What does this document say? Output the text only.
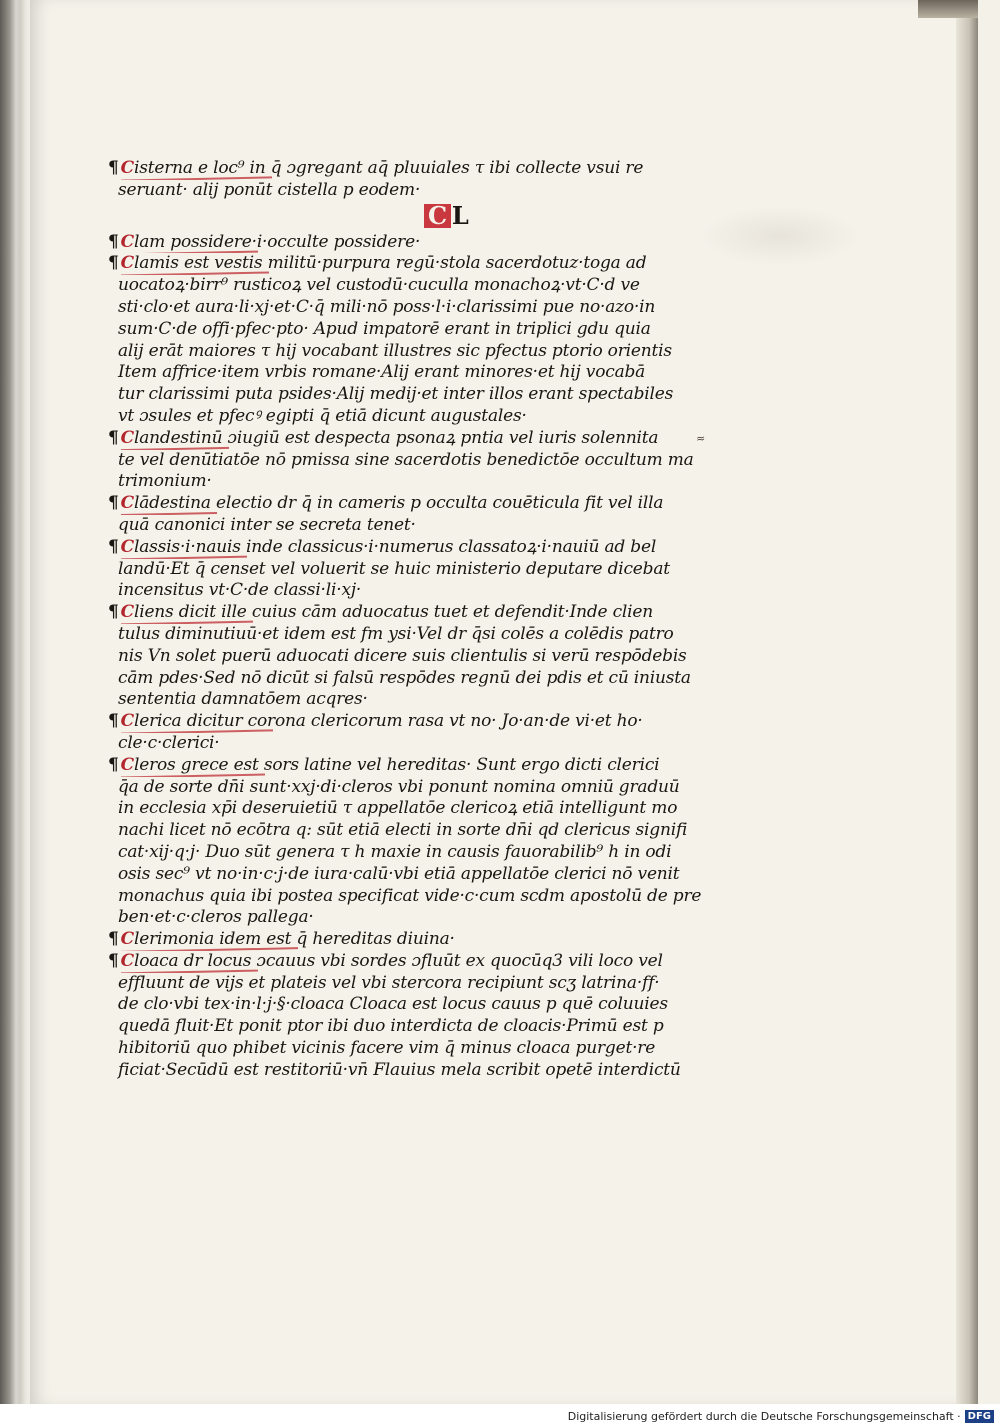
¶ Cisterna e loc⁹ in q̄ ɔgregant aq̄ pluuiales τ ibi collecte vsui re
seruant· alij ponūt cistella p eodem·
C L
¶ Clam possidere·i·occulte possidere·
¶ Clamis est vestis militū·purpura regū·stola sacerdotuz·toga ad
uocatoꝝ·birr⁹ rusticoꝝ vel custodū·cuculla monachoꝝ·vt·C·d̄ ve
sti·clo·et aura·li·xj·et·C·q̄ mili·nō poss·l·i·clarissimi pue no·azo·in
sum·C·de offi·pfec·pto· Apud impatorē erant in triplici gdu quia
alij erāt maiores τ hij vocabant illustres sic pfectus ptorio orientis
Item affrice·item vrbis romane·Alij erant minores·et hij vocabā
tur clarissimi puta psides·Alij medij·et inter illos erant spectabiles
vt ɔsules et pfecꝰ egipti q̄ etiā dicunt augustales·
¶ Clandestinū ɔiugiū est despecta psonaꝝ pntia vel iuris solennita
te vel denūtiatōe nō pmissa sine sacerdotis benedictōe occultum ma
trimonium·
¶ Clādestina electio dr q̄ in cameris p occulta couēticula fit vel illa
quā canonici inter se secreta tenet·
¶ Classis·i·nauis inde classicus·i·numerus classatoꝝ·i·nauiū ad bel
landū·Et q̄ censet vel voluerit se huic ministerio deputare dicebat
incensitus vt·C·de classi·li·xj·
¶ Cliens dicit ille cuius cām aduocatus tuet et defendit·Inde clien
tulus diminutiuū·et idem est fm ysi·Vel dr q̄si colēs a colēdis patro
nis Vn solet puerū aduocati dicere suis clientulis si verū respōdebis
cām pdes·Sed nō dicūt si falsū respōdes regnū dei pdis et cū iniusta
sententia damnatōem acqres·
¶ Clerica dicitur corona clericorum rasa vt no· Jo·an·de vi·et ho·
cle·c·clerici·
¶ Cleros grece est sors latine vel hereditas· Sunt ergo dicti clerici
q̄a de sorte dn̄i sunt·xxj·di·cleros vbi ponunt nomina omniū graduū
in ecclesia xp̄i deseruietiū τ appellatōe clericoꝝ etiā intelligunt mo
nachi licet nō ecōtra q: sūt etiā electi in sorte dn̄i qd clericus signifi
cat·xij·q·j· Duo sūt genera τ h maxie in causis fauorabilib⁹ h in odi
osis sec⁹ vt no·in·c·j·de iura·calū·vbi etiā appellatōe clerici nō venit
monachus quia ibi postea specificat vide·c·cum scdm apostolū de pre
ben·et·c·cleros pallega·
¶ Clerimonia idem est q̄ hereditas diuina·
¶ Cloaca dr locus ɔcauus vbi sordes ɔfluūt ex quocūq3 vili loco vel
effluunt de vijs et plateis vel vbi stercora recipiunt scʒ latrina·ff·
de clo·vbi tex·in·l·j·§·cloaca Cloaca est locus cauus p quē coluuies
quedā fluit·Et ponit ptor ibi duo interdicta de cloacis·Primū est p
hibitoriū quo phibet vicinis facere vim q̄ minus cloaca purget·re
ficiat·Secūdū est restitoriū·vn̄ Flauius mela scribit opetē interdictū
≈
Digitalisierung gefördert durch die Deutsche Forschungsgemeinschaft · DFG
